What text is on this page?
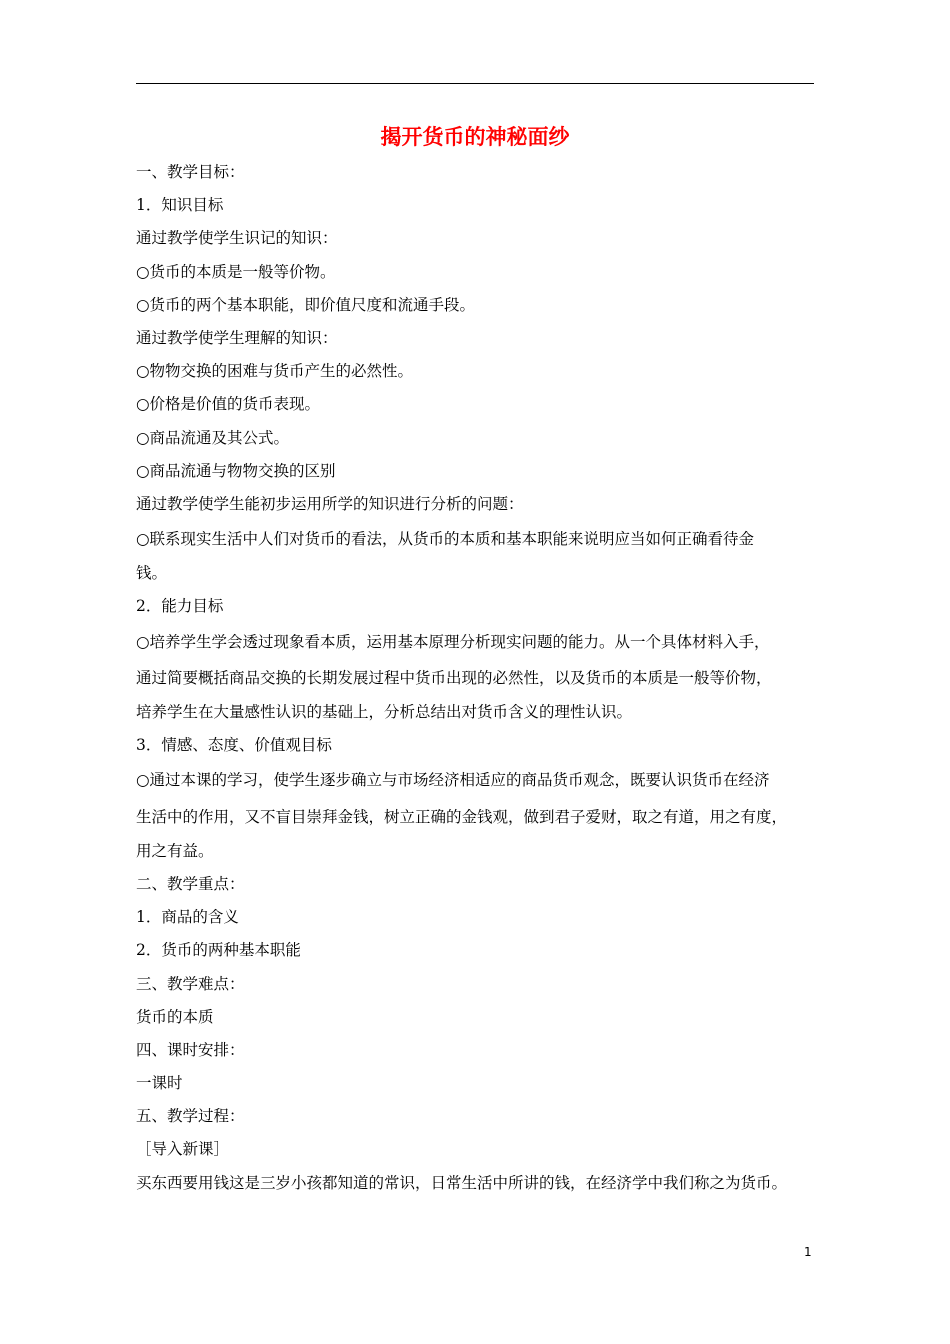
揭开货币的神秘面纱

一、教学目标：

1．知识目标

通过教学使学生识记的知识：

○货币的本质是一般等价物。

○货币的两个基本职能，即价值尺度和流通手段。

通过教学使学生理解的知识：

○物物交换的困难与货币产生的必然性。

○价格是价值的货币表现。

○商品流通及其公式。

○商品流通与物物交换的区别

通过教学使学生能初步运用所学的知识进行分析的问题：

○联系现实生活中人们对货币的看法，从货币的本质和基本职能来说明应当如何正确看待金

钱。

2．能力目标

○培养学生学会透过现象看本质，运用基本原理分析现实问题的能力。从一个具体材料入手，

通过简要概括商品交换的长期发展过程中货币出现的必然性，以及货币的本质是一般等价物，

培养学生在大量感性认识的基础上，分析总结出对货币含义的理性认识。

3．情感、态度、价值观目标

○通过本课的学习，使学生逐步确立与市场经济相适应的商品货币观念，既要认识货币在经济

生活中的作用，又不盲目崇拜金钱，树立正确的金钱观，做到君子爱财，取之有道，用之有度，

用之有益。

二、教学重点：

1．商品的含义

2．货币的两种基本职能

三、教学难点：

货币的本质

四、课时安排：

一课时

五、教学过程：

［导入新课］

买东西要用钱这是三岁小孩都知道的常识，日常生活中所讲的钱，在经济学中我们称之为货币。

1
